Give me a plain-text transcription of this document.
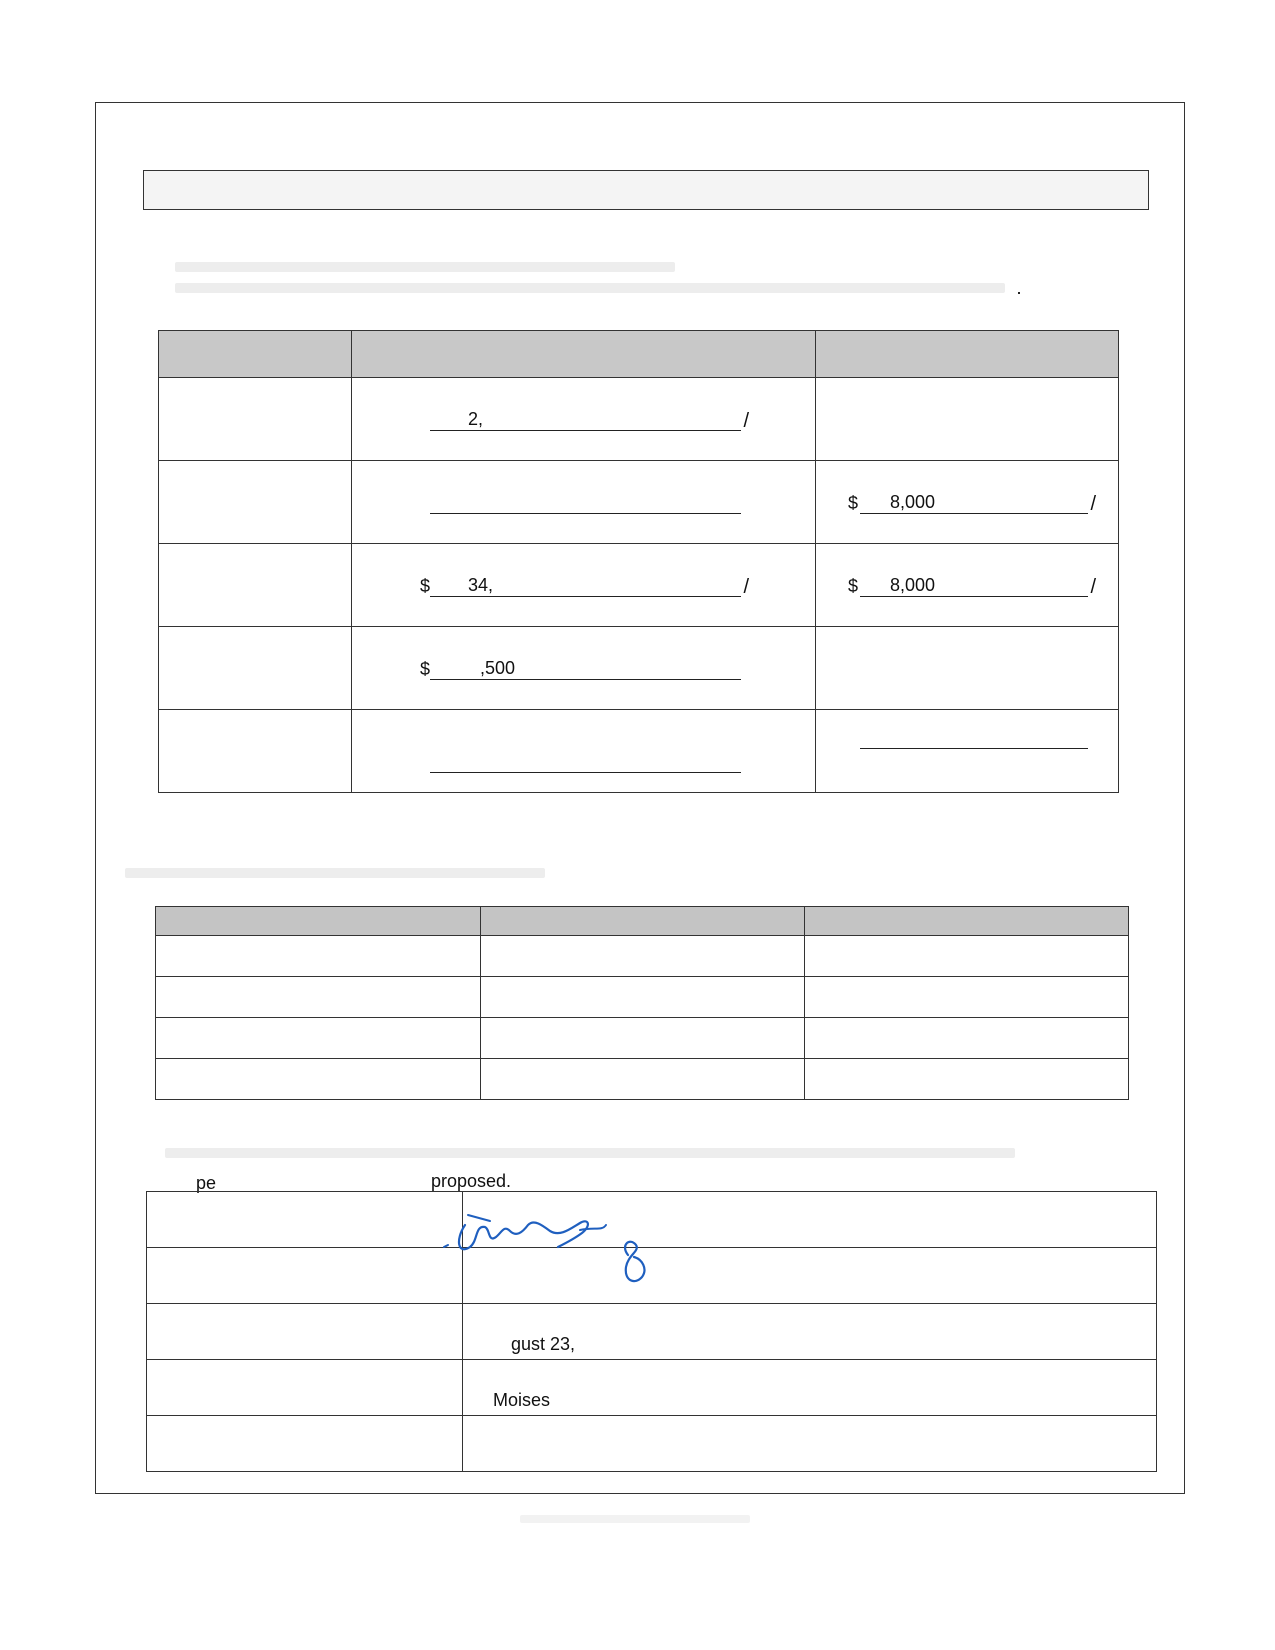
	2, /	

		$ 8,000 /

	$ 34, /	$ 8,000 /

	$ ,500	

pe	proposed.

	gust 23,

	Moises
